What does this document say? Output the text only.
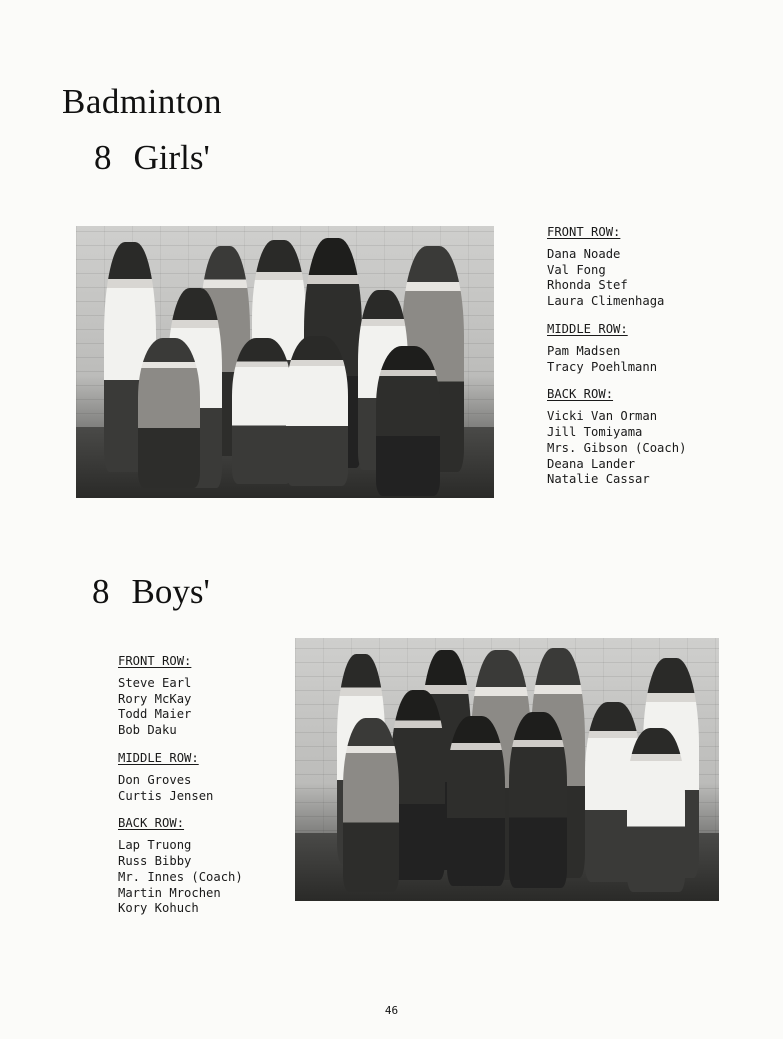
Badminton
8 Girls'
FRONT ROW:
Dana Noade
Val Fong
Rhonda Stef
Laura Climenhaga
MIDDLE ROW:
Pam Madsen
Tracy Poehlmann
BACK ROW:
Vicki Van Orman
Jill Tomiyama
Mrs. Gibson (Coach)
Deana Lander
Natalie Cassar
8 Boys'
FRONT ROW:
Steve Earl
Rory McKay
Todd Maier
Bob Daku
MIDDLE ROW:
Don Groves
Curtis Jensen
BACK ROW:
Lap Truong
Russ Bibby
Mr. Innes (Coach)
Martin Mrochen
Kory Kohuch
46
